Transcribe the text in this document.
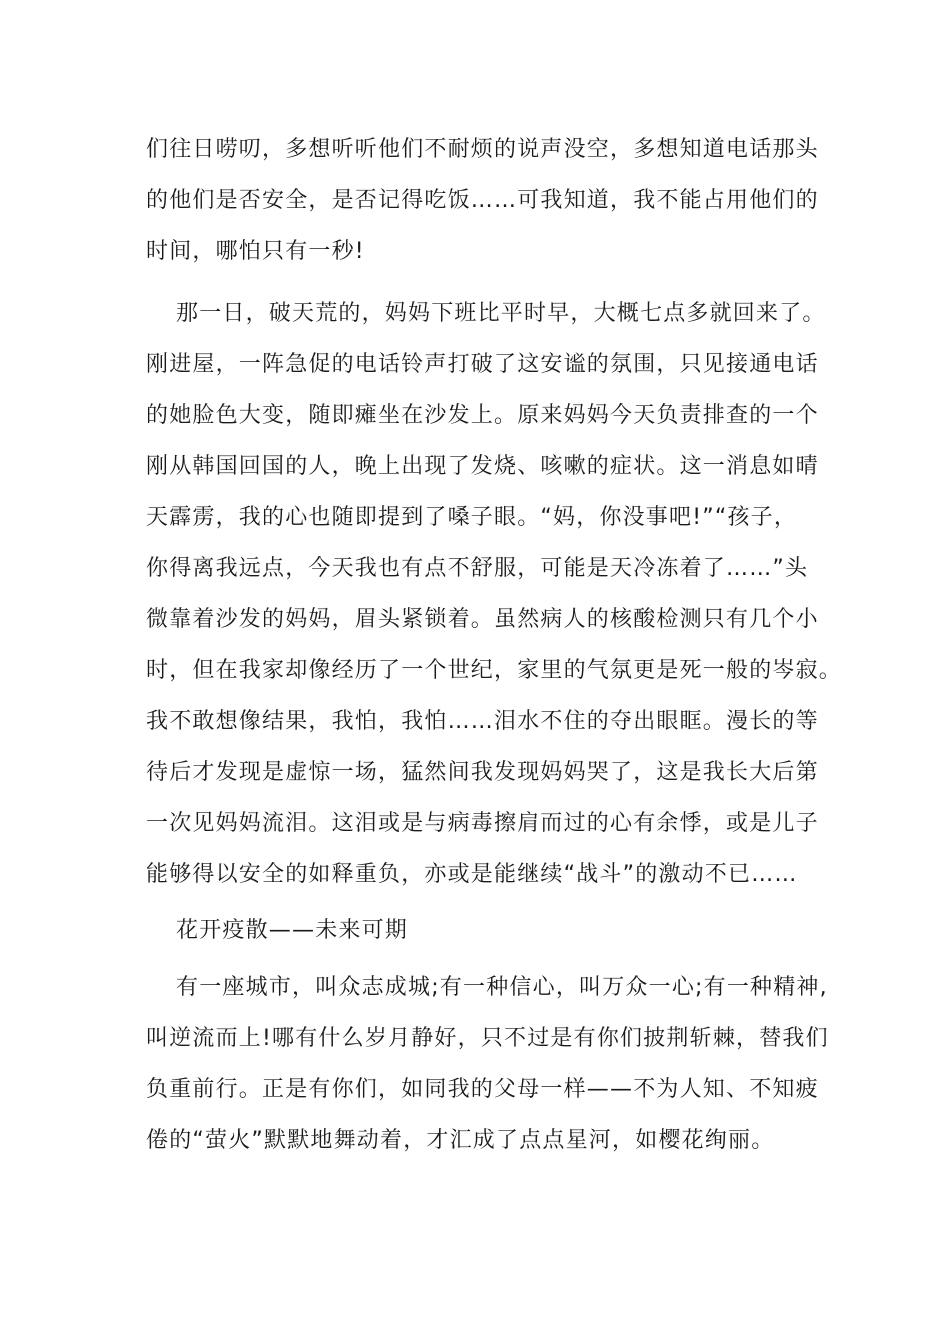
们往日唠叨，多想听听他们不耐烦的说声没空，多想知道电话那头
的他们是否安全，是否记得吃饭……可我知道，我不能占用他们的
时间，哪怕只有一秒!
那一日，破天荒的，妈妈下班比平时早，大概七点多就回来了。
刚进屋，一阵急促的电话铃声打破了这安谧的氛围，只见接通电话
的她脸色大变，随即瘫坐在沙发上。原来妈妈今天负责排查的一个
刚从韩国回国的人，晚上出现了发烧、咳嗽的症状。这一消息如晴
天霹雳，我的心也随即提到了嗓子眼。“妈，你没事吧!”“孩子，
你得离我远点，今天我也有点不舒服，可能是天冷冻着了……”头
微靠着沙发的妈妈，眉头紧锁着。虽然病人的核酸检测只有几个小
时，但在我家却像经历了一个世纪，家里的气氛更是死一般的岑寂。
我不敢想像结果，我怕，我怕……泪水不住的夺出眼眶。漫长的等
待后才发现是虚惊一场，猛然间我发现妈妈哭了，这是我长大后第
一次见妈妈流泪。这泪或是与病毒擦肩而过的心有余悸，或是儿子
能够得以安全的如释重负，亦或是能继续“战斗”的激动不已……
花开疫散——未来可期
有一座城市，叫众志成城;有一种信心，叫万众一心;有一种精神,
叫逆流而上!哪有什么岁月静好，只不过是有你们披荆斩棘，替我们
负重前行。正是有你们，如同我的父母一样——不为人知、不知疲
倦的“萤火”默默地舞动着，才汇成了点点星河，如樱花绚丽。
